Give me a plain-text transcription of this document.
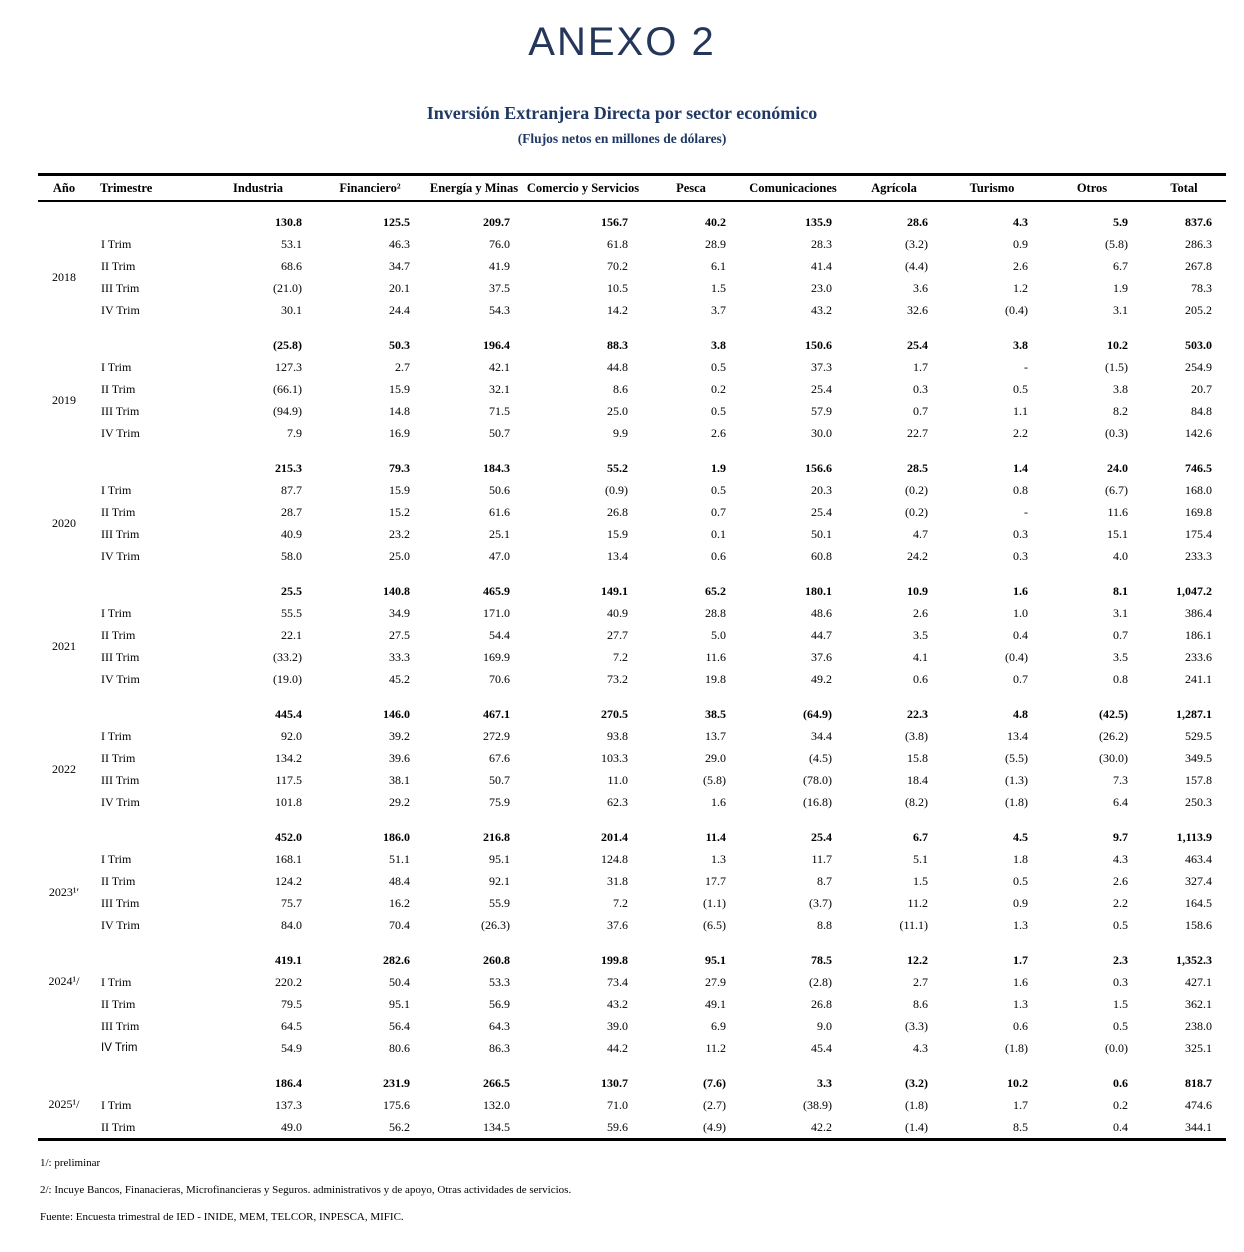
ANEXO 2
Inversión Extranjera Directa por sector económico
(Flujos netos en millones de dólares)
Año	Trimestre	Industria	Financiero²	Energía y Minas	Comercio y Servicios	Pesca	Comunicaciones	Agrícola	Turismo	Otros	Total

		130.8	125.5	209.7	156.7	40.2	135.9	28.6	4.3	5.9	837.6
2018	I Trim	53.1	46.3	76.0	61.8	28.9	28.3	(3.2)	0.9	(5.8)	286.3
	II Trim	68.6	34.7	41.9	70.2	6.1	41.4	(4.4)	2.6	6.7	267.8
	III Trim	(21.0)	20.1	37.5	10.5	1.5	23.0	3.6	1.2	1.9	78.3
	IV Trim	30.1	24.4	54.3	14.2	3.7	43.2	32.6	(0.4)	3.1	205.2

		(25.8)	50.3	196.4	88.3	3.8	150.6	25.4	3.8	10.2	503.0
2019	I Trim	127.3	2.7	42.1	44.8	0.5	37.3	1.7	-	(1.5)	254.9
	II Trim	(66.1)	15.9	32.1	8.6	0.2	25.4	0.3	0.5	3.8	20.7
	III Trim	(94.9)	14.8	71.5	25.0	0.5	57.9	0.7	1.1	8.2	84.8
	IV Trim	7.9	16.9	50.7	9.9	2.6	30.0	22.7	2.2	(0.3)	142.6

		215.3	79.3	184.3	55.2	1.9	156.6	28.5	1.4	24.0	746.5
2020	I Trim	87.7	15.9	50.6	(0.9)	0.5	20.3	(0.2)	0.8	(6.7)	168.0
	II Trim	28.7	15.2	61.6	26.8	0.7	25.4	(0.2)	-	11.6	169.8
	III Trim	40.9	23.2	25.1	15.9	0.1	50.1	4.7	0.3	15.1	175.4
	IV Trim	58.0	25.0	47.0	13.4	0.6	60.8	24.2	0.3	4.0	233.3

		25.5	140.8	465.9	149.1	65.2	180.1	10.9	1.6	8.1	1,047.2
2021	I Trim	55.5	34.9	171.0	40.9	28.8	48.6	2.6	1.0	3.1	386.4
	II Trim	22.1	27.5	54.4	27.7	5.0	44.7	3.5	0.4	0.7	186.1
	III Trim	(33.2)	33.3	169.9	7.2	11.6	37.6	4.1	(0.4)	3.5	233.6
	IV Trim	(19.0)	45.2	70.6	73.2	19.8	49.2	0.6	0.7	0.8	241.1

		445.4	146.0	467.1	270.5	38.5	(64.9)	22.3	4.8	(42.5)	1,287.1
2022	I Trim	92.0	39.2	272.9	93.8	13.7	34.4	(3.8)	13.4	(26.2)	529.5
	II Trim	134.2	39.6	67.6	103.3	29.0	(4.5)	15.8	(5.5)	(30.0)	349.5
	III Trim	117.5	38.1	50.7	11.0	(5.8)	(78.0)	18.4	(1.3)	7.3	157.8
	IV Trim	101.8	29.2	75.9	62.3	1.6	(16.8)	(8.2)	(1.8)	6.4	250.3

		452.0	186.0	216.8	201.4	11.4	25.4	6.7	4.5	9.7	1,113.9
2023¹′	I Trim	168.1	51.1	95.1	124.8	1.3	11.7	5.1	1.8	4.3	463.4
	II Trim	124.2	48.4	92.1	31.8	17.7	8.7	1.5	0.5	2.6	327.4
	III Trim	75.7	16.2	55.9	7.2	(1.1)	(3.7)	11.2	0.9	2.2	164.5
	IV Trim	84.0	70.4	(26.3)	37.6	(6.5)	8.8	(11.1)	1.3	0.5	158.6

		419.1	282.6	260.8	199.8	95.1	78.5	12.2	1.7	2.3	1,352.3
2024¹/	I Trim	220.2	50.4	53.3	73.4	27.9	(2.8)	2.7	1.6	0.3	427.1
	II Trim	79.5	95.1	56.9	43.2	49.1	26.8	8.6	1.3	1.5	362.1
	III Trim	64.5	56.4	64.3	39.0	6.9	9.0	(3.3)	0.6	0.5	238.0
	IV Trim	54.9	80.6	86.3	44.2	11.2	45.4	4.3	(1.8)	(0.0)	325.1

		186.4	231.9	266.5	130.7	(7.6)	3.3	(3.2)	10.2	0.6	818.7
2025¹/	I Trim	137.3	175.6	132.0	71.0	(2.7)	(38.9)	(1.8)	1.7	0.2	474.6
	II Trim	49.0	56.2	134.5	59.6	(4.9)	42.2	(1.4)	8.5	0.4	344.1

1/: preliminar

2/: Incuye Bancos, Finanacieras, Microfinancieras y Seguros. administrativos y de apoyo, Otras actividades de servicios.

Fuente: Encuesta trimestral de IED - INIDE, MEM, TELCOR, INPESCA, MIFIC.
